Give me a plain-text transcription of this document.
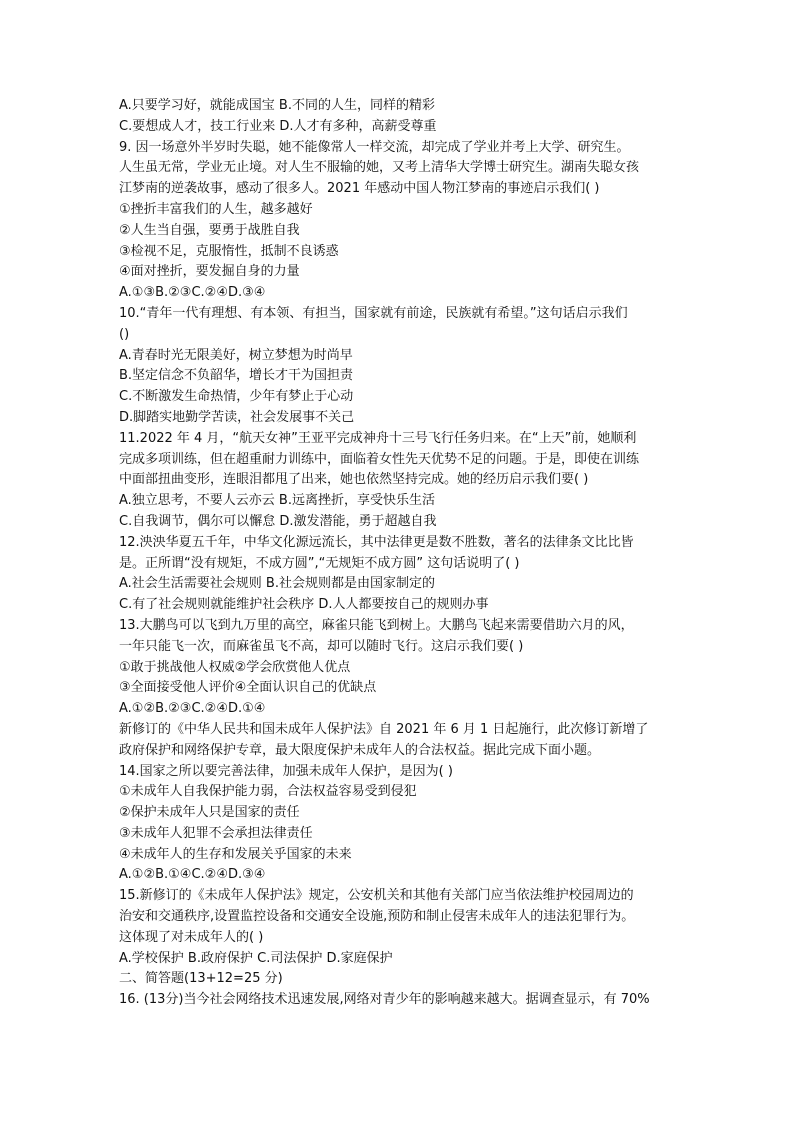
A.只要学习好，就能成国宝 B.不同的人生，同样的精彩
C.要想成人才，技工行业来 D.人才有多种，高薪受尊重
9. 因一场意外半岁时失聪，她不能像常人一样交流，却完成了学业并考上大学、研究生。
人生虽无常，学业无止境。对人生不服输的她，又考上清华大学博士研究生。湖南失聪女孩
江梦南的逆袭故事，感动了很多人。2021 年感动中国人物江梦南的事迹启示我们( )
①挫折丰富我们的人生，越多越好
②人生当自强，要勇于战胜自我
③检视不足，克服惰性，抵制不良诱惑
④面对挫折，要发掘自身的力量
A.①③B.②③C.②④D.③④
10.“青年一代有理想、有本领、有担当，国家就有前途，民族就有希望。”这句话启示我们
()
A.青春时光无限美好，树立梦想为时尚早
B.坚定信念不负韶华，增长才干为国担责
C.不断激发生命热情，少年有梦止于心动
D.脚踏实地勤学苦读，社会发展事不关己
11.2022 年 4 月，“航天女神”王亚平完成神舟十三号飞行任务归来。在“上天”前，她顺利
完成多项训练，但在超重耐力训练中，面临着女性先天优势不足的问题。于是，即使在训练
中面部扭曲变形，连眼泪都甩了出来，她也依然坚持完成。她的经历启示我们要( )
A.独立思考，不要人云亦云 B.远离挫折，享受快乐生活
C.自我调节，偶尔可以懈怠 D.激发潜能，勇于超越自我
12.泱泱华夏五千年，中华文化源远流长，其中法律更是数不胜数，著名的法律条文比比皆
是。正所谓“没有规矩，不成方圆”,“无规矩不成方圆” 这句话说明了( )
A.社会生活需要社会规则 B.社会规则都是由国家制定的
C.有了社会规则就能维护社会秩序 D.人人都要按自己的规则办事
13.大鹏鸟可以飞到九万里的高空，麻雀只能飞到树上。大鹏鸟飞起来需要借助六月的风，
一年只能飞一次，而麻雀虽飞不高，却可以随时飞行。这启示我们要( )
①敢于挑战他人权威②学会欣赏他人优点
③全面接受他人评价④全面认识自己的优缺点
A.①②B.②③C.②④D.①④
新修订的《中华人民共和国未成年人保护法》自 2021 年 6 月 1 日起施行，此次修订新增了
政府保护和网络保护专章，最大限度保护未成年人的合法权益。据此完成下面小题。
14.国家之所以要完善法律，加强未成年人保护，是因为( )
①未成年人自我保护能力弱，合法权益容易受到侵犯
②保护未成年人只是国家的责任
③未成年人犯罪不会承担法律责任
④未成年人的生存和发展关乎国家的未来
A.①②B.①④C.②④D.③④
15.新修订的《未成年人保护法》规定，公安机关和其他有关部门应当依法维护校园周边的
治安和交通秩序,设置监控设备和交通安全设施,预防和制止侵害未成年人的违法犯罪行为。
这体现了对未成年人的( )
A.学校保护 B.政府保护 C.司法保护 D.家庭保护
二、简答题(13+12=25 分)
16. (13分)当今社会网络技术迅速发展,网络对青少年的影响越来越大。据调查显示，有 70%
